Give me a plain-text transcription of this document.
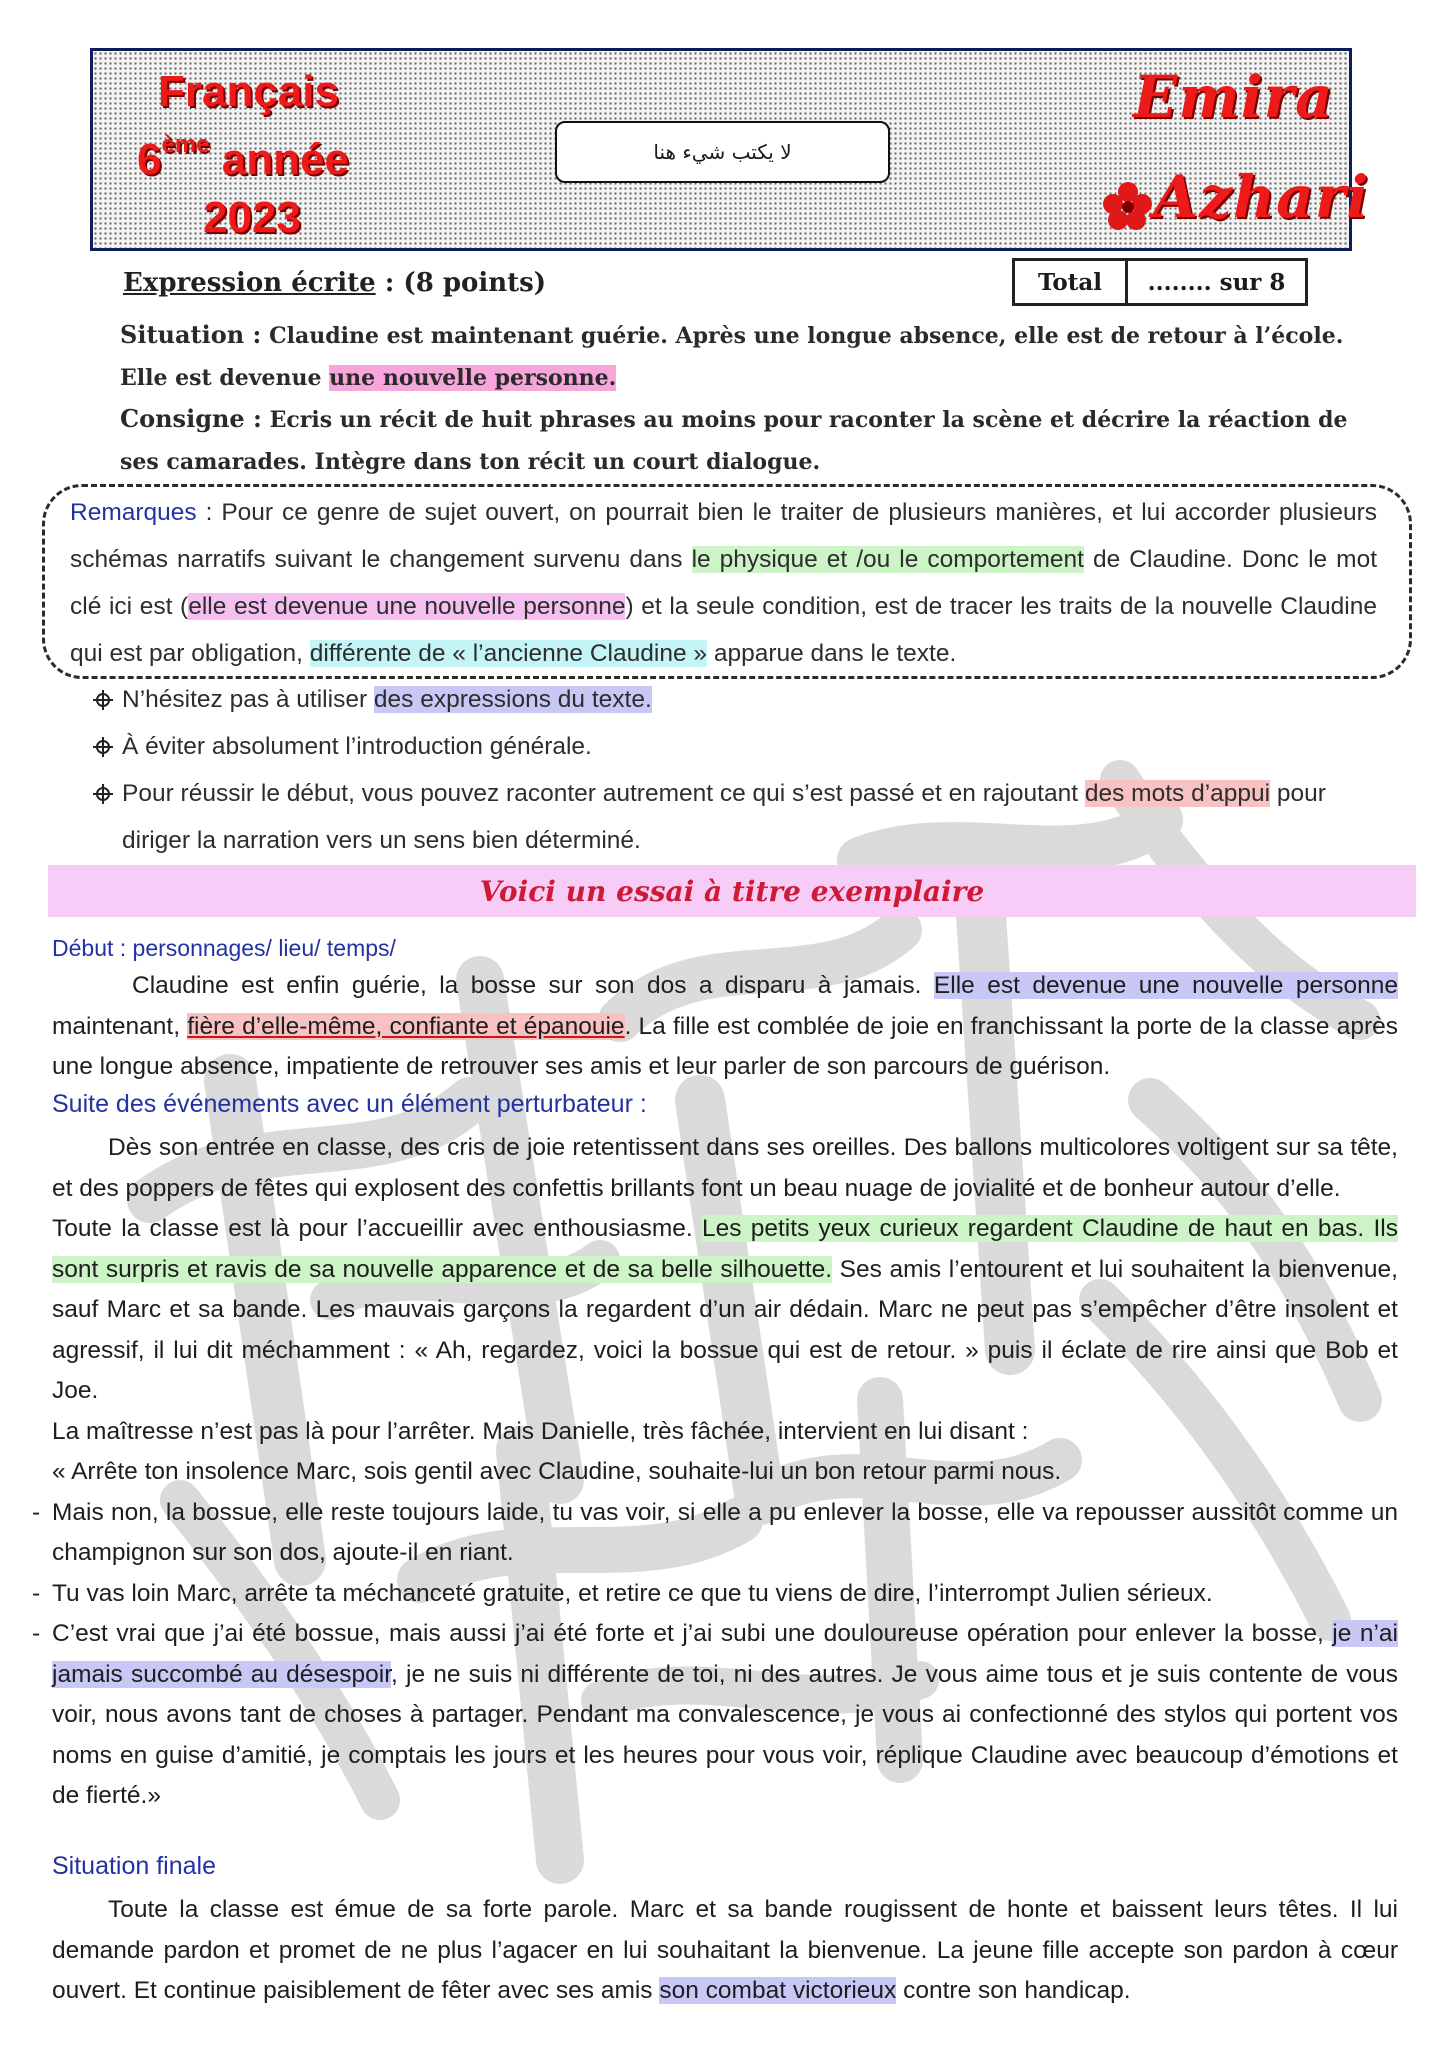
Français
6ème année
2023
لا يكتب شيء هنا
Emira
Azhari
Expression écrite : (8 points)	Total	........ sur 8
Situation : Claudine est maintenant guérie. Après une longue absence, elle est de retour à l’école. Elle est devenue une nouvelle personne.
Consigne : Ecris un récit de huit phrases au moins pour raconter la scène et décrire la réaction de ses camarades. Intègre dans ton récit un court dialogue.
Remarques : Pour ce genre de sujet ouvert, on pourrait bien le traiter de plusieurs manières, et lui accorder plusieurs schémas narratifs suivant le changement survenu dans le physique et /ou le comportement de Claudine. Donc le mot clé ici est (elle est devenue une nouvelle personne) et la seule condition, est de tracer les traits de la nouvelle Claudine qui est par obligation, différente de « l’ancienne Claudine » apparue dans le texte.
N’hésitez pas à utiliser des expressions du texte.
À éviter absolument l’introduction générale.
Pour réussir le début, vous pouvez raconter autrement ce qui s’est passé et en rajoutant des mots d’appui pour diriger la narration vers un sens bien déterminé.
Voici un essai à titre exemplaire
Début : personnages/ lieu/ temps/
Claudine est enfin guérie, la bosse sur son dos a disparu à jamais. Elle est devenue une nouvelle personne maintenant, fière d’elle-même, confiante et épanouie. La fille est comblée de joie en franchissant la porte de la classe après une longue absence, impatiente de retrouver ses amis et leur parler de son parcours de guérison.
Suite des événements avec un élément perturbateur :
Dès son entrée en classe, des cris de joie retentissent dans ses oreilles. Des ballons multicolores voltigent sur sa tête, et des poppers de fêtes qui explosent des confettis brillants font un beau nuage de jovialité et de bonheur autour d’elle.
Toute la classe est là pour l’accueillir avec enthousiasme. Les petits yeux curieux regardent Claudine de haut en bas. Ils sont surpris et ravis de sa nouvelle apparence et de sa belle silhouette. Ses amis l’entourent et lui souhaitent la bienvenue, sauf Marc et sa bande. Les mauvais garçons la regardent d’un air dédain. Marc ne peut pas s’empêcher d’être insolent et agressif, il lui dit méchamment : « Ah, regardez, voici la bossue qui est de retour. » puis il éclate de rire ainsi que Bob et Joe.
La maîtresse n’est pas là pour l’arrêter. Mais Danielle, très fâchée, intervient en lui disant :
« Arrête ton insolence Marc, sois gentil avec Claudine, souhaite-lui un bon retour parmi nous.
- Mais non, la bossue, elle reste toujours laide, tu vas voir, si elle a pu enlever la bosse, elle va repousser aussitôt comme un champignon sur son dos, ajoute-il en riant.
- Tu vas loin Marc, arrête ta méchanceté gratuite, et retire ce que tu viens de dire, l’interrompt Julien sérieux.
- C’est vrai que j’ai été bossue, mais aussi j’ai été forte et j’ai subi une douloureuse opération pour enlever la bosse, je n’ai jamais succombé au désespoir, je ne suis ni différente de toi, ni des autres. Je vous aime tous et je suis contente de vous voir, nous avons tant de choses à partager. Pendant ma convalescence, je vous ai confectionné des stylos qui portent vos noms en guise d’amitié, je comptais les jours et les heures pour vous voir, réplique Claudine avec beaucoup d’émotions et de fierté.»
Situation finale
Toute la classe est émue de sa forte parole. Marc et sa bande rougissent de honte et baissent leurs têtes. Il lui demande pardon et promet de ne plus l’agacer en lui souhaitant la bienvenue. La jeune fille accepte son pardon à cœur ouvert. Et continue paisiblement de fêter avec ses amis son combat victorieux contre son handicap.
